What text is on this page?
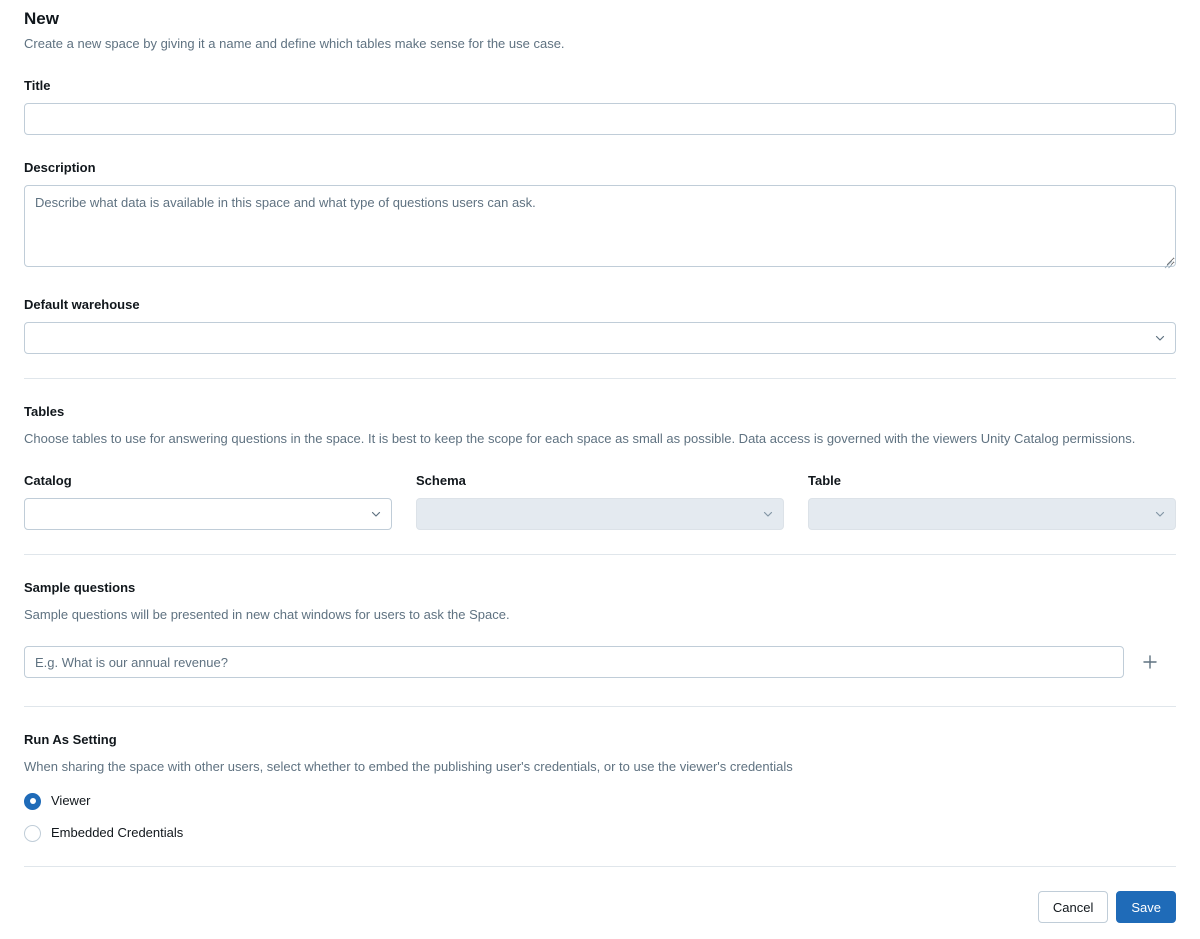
New

Create a new space by giving it a name and define which tables make sense for the use case.

Title
Description
Describe what data is available in this space and what type of questions users can ask.
Default warehouse
Tables

Choose tables to use for answering questions in the space. It is best to keep the scope for each space as small as possible. Data access is governed with the viewers Unity Catalog permissions.

Catalog	Schema	Table
Sample questions

Sample questions will be presented in new chat windows for users to ask the Space.

E.g. What is our annual revenue?
Run As Setting

When sharing the space with other users, select whether to embed the publishing user's credentials, or to use the viewer's credentials

Viewer
Embedded Credentials
Cancel	Save
